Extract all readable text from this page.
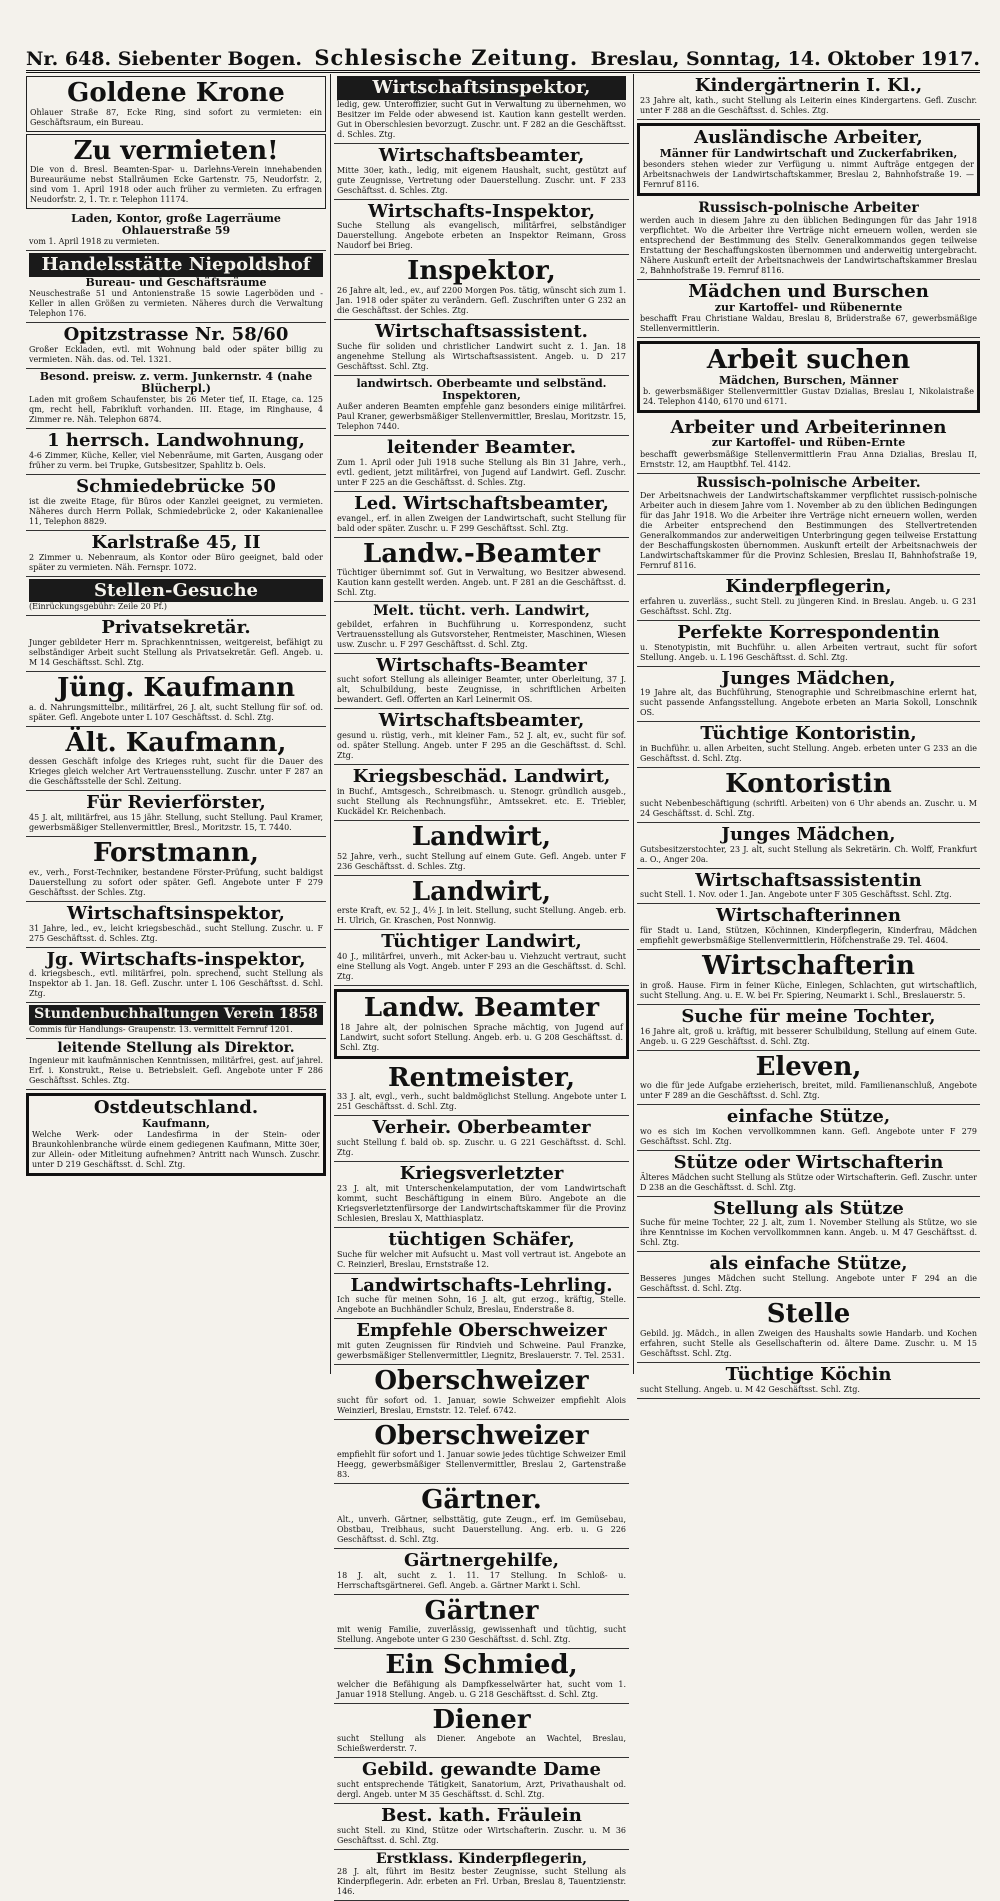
Nr. 648. Siebenter Bogen. Schlesische Zeitung. Breslau, Sonntag, 14. Oktober 1917.
Goldene Krone
Ohlauer Straße 87, Ecke Ring, sind sofort zu vermieten: ein Geschäftsraum, ein Bureau.
Zu vermieten!
Die von d. Bresl. Beamten-Spar- u. Darlehns-Verein innehabenden Bureauräume nebst Stallräumen Ecke Gartenstr. 75, Neudorfstr. 2, sind vom 1. April 1918 oder auch früher zu vermieten. Zu erfragen Neudorfstr. 2, 1. Tr. r. Telephon 11174.
Laden, Kontor, große Lagerräume Ohlauerstraße 59
vom 1. April 1918 zu vermieten.
Handelsstätte Niepoldshof
Bureau- und Geschäftsräume
Neuschestraße 51 und Antonienstraße 15 sowie Lagerböden und -Keller in allen Größen zu vermieten. Näheres durch die Verwaltung Telephon 176.
Opitzstrasse Nr. 58/60
Großer Eckladen, evtl. mit Wohnung bald oder später billig zu vermieten. Näh. das. od. Tel. 1321.
Besond. preisw. z. verm. Junkernstr. 4 (nahe Blücherpl.)
Laden mit großem Schaufenster, bis 26 Meter tief, II. Etage, ca. 125 qm, recht hell, Fabrikluft vorhanden. III. Etage, im Ringhause, 4 Zimmer re. Näh. Telephon 6874.
1 herrsch. Landwohnung,
4-6 Zimmer, Küche, Keller, viel Nebenräume, mit Garten, Ausgang oder früher zu verm. bei Trupke, Gutsbesitzer, Spahlitz b. Oels.
Schmiedebrücke 50
ist die zweite Etage, für Büros oder Kanzlei geeignet, zu vermieten. Näheres durch Herrn Pollak, Schmiedebrücke 2, oder Kakanienallee 11, Telephon 8829.
Karlstraße 45, II
2 Zimmer u. Nebenraum, als Kontor oder Büro geeignet, bald oder später zu vermieten. Näh. Fernspr. 1072.
Stellen-Gesuche
(Einrückungsgebühr: Zeile 20 Pf.)
Privatsekretär.
Junger gebildeter Herr m. Sprachkenntnissen, weitgereist, befähigt zu selbständiger Arbeit sucht Stellung als Privatsekretär. Gefl. Angeb. u. M 14 Geschäftsst. Schl. Ztg.
Jüng. Kaufmann
a. d. Nahrungsmittelbr., militärfrei, 26 J. alt, sucht Stellung für sof. od. später. Gefl. Angebote unter L 107 Geschäftsst. d. Schl. Ztg.
Ält. Kaufmann,
dessen Geschäft infolge des Krieges ruht, sucht für die Dauer des Krieges gleich welcher Art Vertrauensstellung. Zuschr. unter F 287 an die Geschäftsstelle der Schl. Zeitung.
Für Revierförster,
45 J. alt, militärfrei, aus 15 jähr. Stellung, sucht Stellung. Paul Kramer, gewerbsmäßiger Stellenvermittler, Bresl., Moritzstr. 15, T. 7440.
Forstmann,
ev., verh., Forst-Techniker, bestandene Förster-Prüfung, sucht baldigst Dauerstellung zu sofort oder später. Gefl. Angebote unter F 279 Geschäftsst. der Schles. Ztg.
Wirtschaftsinspektor,
31 Jahre, led., ev., leicht kriegsbeschäd., sucht Stellung. Zuschr. u. F 275 Geschäftsst. d. Schles. Ztg.
Jg. Wirtschafts-inspektor,
d. kriegsbesch., evtl. militärfrei, poln. sprechend, sucht Stellung als Inspektor ab 1. Jan. 18. Gefl. Zuschr. unter L 106 Geschäftsst. d. Schl. Ztg.
Stundenbuchhaltungen Verein 1858
Commis für Handlungs- Graupenstr. 13. vermittelt Fernruf 1201.
leitende Stellung als Direktor.
Ingenieur mit kaufmännischen Kenntnissen, militärfrei, gest. auf jahrel. Erf. i. Konstrukt., Reise u. Betriebsleit. Gefl. Angebote unter F 286 Geschäftsst. Schles. Ztg.
Ostdeutschland.
Kaufmann,
Welche Werk- oder Landesfirma in der Stein- oder Braunkohlenbranche würde einem gediegenen Kaufmann, Mitte 30er, zur Allein- oder Mitleitung aufnehmen? Antritt nach Wunsch. Zuschr. unter D 219 Geschäftsst. d. Schl. Ztg.
Wirtschaftsinspektor,
ledig, gew. Unteroffizier, sucht Gut in Verwaltung zu übernehmen, wo Besitzer im Felde oder abwesend ist. Kaution kann gestellt werden. Gut in Oberschlesien bevorzugt. Zuschr. unt. F 282 an die Geschäftsst. d. Schles. Ztg.
Wirtschaftsbeamter,
Mitte 30er, kath., ledig, mit eigenem Haushalt, sucht, gestützt auf gute Zeugnisse, Vertretung oder Dauerstellung. Zuschr. unt. F 233 Geschäftsst. d. Schles. Ztg.
Wirtschafts-Inspektor,
Suche Stellung als evangelisch, militärfrei, selbständiger Dauerstellung. Angebote erbeten an Inspektor Reimann, Gross Naudorf bei Brieg.
Inspektor,
26 Jahre alt, led., ev., auf 2200 Morgen Pos. tätig, wünscht sich zum 1. Jan. 1918 oder später zu verändern. Gefl. Zuschriften unter G 232 an die Geschäftsst. der Schles. Ztg.
Wirtschaftsassistent.
Suche für soliden und christlicher Landwirt sucht z. 1. Jan. 18 angenehme Stellung als Wirtschaftsassistent. Angeb. u. D 217 Geschäftsst. Schl. Ztg.
landwirtsch. Oberbeamte und selbständ. Inspektoren,
Außer anderen Beamten empfehle ganz besonders einige militärfrei. Paul Kraner, gewerbsmäßiger Stellenvermittler, Breslau, Moritzstr. 15, Telephon 7440.
leitender Beamter.
Zum 1. April oder Juli 1918 suche Stellung als Bin 31 Jahre, verh., evtl. gedient, jetzt militärfrei, von Jugend auf Landwirt. Gefl. Zuschr. unter F 225 an die Geschäftsst. d. Schles. Ztg.
Led. Wirtschaftsbeamter,
evangel., erf. in allen Zweigen der Landwirtschaft, sucht Stellung für bald oder später. Zuschr. u. F 299 Geschäftsst. Schl. Ztg.
Landw.-Beamter
Tüchtiger übernimmt sof. Gut in Verwaltung, wo Besitzer abwesend. Kaution kann gestellt werden. Angeb. unt. F 281 an die Geschäftsst. d. Schl. Ztg.
Melt. tücht. verh. Landwirt,
gebildet, erfahren in Buchführung u. Korrespondenz, sucht Vertrauensstellung als Gutsvorsteher, Rentmeister, Maschinen, Wiesen usw. Zuschr. u. F 297 Geschäftsst. d. Schl. Ztg.
Wirtschafts-Beamter
sucht sofort Stellung als alleiniger Beamter, unter Oberleitung, 37 J. alt, Schulbildung, beste Zeugnisse, in schriftlichen Arbeiten bewandert. Gefl. Offerten an Karl Leinermit OS.
Wirtschaftsbeamter,
gesund u. rüstig, verh., mit kleiner Fam., 52 J. alt, ev., sucht für sof. od. später Stellung. Angeb. unter F 295 an die Geschäftsst. d. Schl. Ztg.
Kriegsbeschäd. Landwirt,
in Buchf., Amtsgesch., Schreibmasch. u. Stenogr. gründlich ausgeb., sucht Stellung als Rechnungsführ., Amtssekret. etc. E. Triebler, Kuckädel Kr. Reichenbach.
Landwirt,
52 Jahre, verh., sucht Stellung auf einem Gute. Gefl. Angeb. unter F 236 Geschäftsst. d. Schles. Ztg.
Landwirt,
erste Kraft, ev. 52 J., 4½ J. in leit. Stellung, sucht Stellung. Angeb. erb. H. Ulrich, Gr. Kraschen, Post Nonnwig.
Tüchtiger Landwirt,
40 J., militärfrei, unverh., mit Acker-bau u. Viehzucht vertraut, sucht eine Stellung als Vogt. Angeb. unter F 293 an die Geschäftsst. d. Schl. Ztg.
Landw. Beamter
18 Jahre alt, der polnischen Sprache mächtig, von Jugend auf Landwirt, sucht sofort Stellung. Angeb. erb. u. G 208 Geschäftsst. d. Schl. Ztg.
Rentmeister,
33 J. alt, evgl., verh., sucht baldmöglichst Stellung. Angebote unter L 251 Geschäftsst. d. Schl. Ztg.
Verheir. Oberbeamter
sucht Stellung f. bald ob. sp. Zuschr. u. G 221 Geschäftsst. d. Schl. Ztg.
Kriegsverletzter
23 J. alt, mit Unterschenkelamputation, der vom Landwirtschaft kommt, sucht Beschäftigung in einem Büro. Angebote an die Kriegsverletztenfürsorge der Landwirtschaftskammer für die Provinz Schlesien, Breslau X, Matthiasplatz.
tüchtigen Schäfer,
Suche für welcher mit Aufsucht u. Mast voll vertraut ist. Angebote an C. Reinzierl, Breslau, Ernststraße 12.
Landwirtschafts-Lehrling.
Ich suche für meinen Sohn, 16 J. alt, gut erzog., kräftig, Stelle. Angebote an Buchhändler Schulz, Breslau, Enderstraße 8.
Empfehle Oberschweizer
mit guten Zeugnissen für Rindvieh und Schweine. Paul Franzke, gewerbsmäßiger Stellenvermittler, Liegnitz, Breslauerstr. 7. Tel. 2531.
Oberschweizer
sucht für sofort od. 1. Januar, sowie Schweizer empfiehlt Alois Weinzierl, Breslau, Ernststr. 12. Telef. 6742.
Oberschweizer
empfiehlt für sofort und 1. Januar sowie jedes tüchtige Schweizer Emil Heegg, gewerbsmäßiger Stellenvermittler, Breslau 2, Gartenstraße 83.
Gärtner.
Alt., unverh. Gärtner, selbsttätig, gute Zeugn., erf. im Gemüsebau, Obstbau, Treibhaus, sucht Dauerstellung. Ang. erb. u. G 226 Geschäftsst. d. Schl. Ztg.
Gärtnergehilfe,
18 J. alt, sucht z. 1. 11. 17 Stellung. In Schloß- u. Herrschaftsgärtnerei. Gefl. Angeb. a. Gärtner Markt i. Schl.
Gärtner
mit wenig Familie, zuverlässig, gewissenhaft und tüchtig, sucht Stellung. Angebote unter G 230 Geschäftsst. d. Schl. Ztg.
Ein Schmied,
welcher die Befähigung als Dampfkesselwärter hat, sucht vom 1. Januar 1918 Stellung. Angeb. u. G 218 Geschäftsst. d. Schl. Ztg.
Diener
sucht Stellung als Diener. Angebote an Wachtel, Breslau, Schießwerderstr. 7.
Gebild. gewandte Dame
sucht entsprechende Tätigkeit, Sanatorium, Arzt, Privathaushalt od. dergl. Angeb. unter M 35 Geschäftsst. d. Schl. Ztg.
Best. kath. Fräulein
sucht Stell. zu Kind, Stütze oder Wirtschafterin. Zuschr. u. M 36 Geschäftsst. d. Schl. Ztg.
Erstklass. Kinderpflegerin,
28 J. alt, führt im Besitz bester Zeugnisse, sucht Stellung als Kinderpflegerin. Adr. erbeten an Frl. Urban, Breslau 8, Tauentzienstr. 146.
Kindergärtnerin I. Kl.,
23 Jahre alt, kath., sucht Stellung als Leiterin eines Kindergartens. Gefl. Zuschr. unter F 288 an die Geschäftsst. d. Schles. Ztg.
Ausländische Arbeiter,
Männer für Landwirtschaft und Zuckerfabriken,
besonders stehen wieder zur Verfügung u. nimmt Aufträge entgegen der Arbeitsnachweis der Landwirtschaftskammer, Breslau 2, Bahnhofstraße 19. — Fernruf 8116.
Russisch-polnische Arbeiter
werden auch in diesem Jahre zu den üblichen Bedingungen für das Jahr 1918 verpflichtet. Wo die Arbeiter ihre Verträge nicht erneuern wollen, werden sie entsprechend der Bestimmung des Stellv. Generalkommandos gegen teilweise Erstattung der Beschaffungskosten übernommen und anderweitig untergebracht. Nähere Auskunft erteilt der Arbeitsnachweis der Landwirtschaftskammer Breslau 2, Bahnhofstraße 19. Fernruf 8116.
Mädchen und Burschen
zur Kartoffel- und Rübenernte
beschafft Frau Christiane Waldau, Breslau 8, Brüderstraße 67, gewerbsmäßige Stellenvermittlerin.
Arbeit suchen
Mädchen, Burschen, Männer
b. gewerbsmäßiger Stellenvermittler Gustav Dzialias, Breslau I, Nikolaistraße 24. Telephon 4140, 6170 und 6171.
Arbeiter und Arbeiterinnen
zur Kartoffel- und Rüben-Ernte
beschafft gewerbsmäßige Stellenvermittlerin Frau Anna Dzialias, Breslau II, Ernststr. 12, am Hauptbhf. Tel. 4142.
Russisch-polnische Arbeiter.
Der Arbeitsnachweis der Landwirtschaftskammer verpflichtet russisch-polnische Arbeiter auch in diesem Jahre vom 1. November ab zu den üblichen Bedingungen für das Jahr 1918. Wo die Arbeiter ihre Verträge nicht erneuern wollen, werden die Arbeiter entsprechend den Bestimmungen des Stellvertretenden Generalkommandos zur anderweitigen Unterbringung gegen teilweise Erstattung der Beschaffungskosten übernommen. Auskunft erteilt der Arbeitsnachweis der Landwirtschaftskammer für die Provinz Schlesien, Breslau II, Bahnhofstraße 19, Fernruf 8116.
Kinderpflegerin,
erfahren u. zuverläss., sucht Stell. zu jüngeren Kind. in Breslau. Angeb. u. G 231 Geschäftsst. Schl. Ztg.
Perfekte Korrespondentin
u. Stenotypistin, mit Buchführ. u. allen Arbeiten vertraut, sucht für sofort Stellung. Angeb. u. L 196 Geschäftsst. d. Schl. Ztg.
Junges Mädchen,
19 Jahre alt, das Buchführung, Stenographie und Schreibmaschine erlernt hat, sucht passende Anfangsstellung. Angebote erbeten an Maria Sokoll, Lonschnik OS.
Tüchtige Kontoristin,
in Buchführ. u. allen Arbeiten, sucht Stellung. Angeb. erbeten unter G 233 an die Geschäftsst. d. Schl. Ztg.
Kontoristin
sucht Nebenbeschäftigung (schriftl. Arbeiten) von 6 Uhr abends an. Zuschr. u. M 24 Geschäftsst. d. Schl. Ztg.
Junges Mädchen,
Gutsbesitzerstochter, 23 J. alt, sucht Stellung als Sekretärin. Ch. Wolff, Frankfurt a. O., Anger 20a.
Wirtschaftsassistentin
sucht Stell. 1. Nov. oder 1. Jan. Angebote unter F 305 Geschäftsst. Schl. Ztg.
Wirtschafterinnen
für Stadt u. Land, Stützen, Köchinnen, Kinderpflegerin, Kinderfrau, Mädchen empfiehlt gewerbsmäßige Stellenvermittlerin, Höfchenstraße 29. Tel. 4604.
Wirtschafterin
in groß. Hause. Firm in feiner Küche, Einlegen, Schlachten, gut wirtschaftlich, sucht Stellung. Ang. u. E. W. bei Fr. Spiering, Neumarkt i. Schl., Breslauerstr. 5.
Suche für meine Tochter,
16 Jahre alt, groß u. kräftig, mit besserer Schulbildung, Stellung auf einem Gute. Angeb. u. G 229 Geschäftsst. d. Schl. Ztg.
Eleven,
wo die für jede Aufgabe erzieherisch, breitet, mild. Familienanschluß, Angebote unter F 289 an die Geschäftsst. d. Schl. Ztg.
einfache Stütze,
wo es sich im Kochen vervollkommnen kann. Gefl. Angebote unter F 279 Geschäftsst. Schl. Ztg.
Stütze oder Wirtschafterin
Älteres Mädchen sucht Stellung als Stütze oder Wirtschafterin. Gefl. Zuschr. unter D 238 an die Geschäftsst. d. Schl. Ztg.
Stellung als Stütze
Suche für meine Tochter, 22 J. alt, zum 1. November Stellung als Stütze, wo sie ihre Kenntnisse im Kochen vervollkommnen kann. Angeb. u. M 47 Geschäftsst. d. Schl. Ztg.
als einfache Stütze,
Besseres junges Mädchen sucht Stellung. Angebote unter F 294 an die Geschäftsst. d. Schl. Ztg.
Stelle
Gebild. jg. Mädch., in allen Zweigen des Haushalts sowie Handarb. und Kochen erfahren, sucht Stelle als Gesellschafterin od. ältere Dame. Zuschr. u. M 15 Geschäftsst. Schl. Ztg.
Tüchtige Köchin
sucht Stellung. Angeb. u. M 42 Geschäftsst. Schl. Ztg.
